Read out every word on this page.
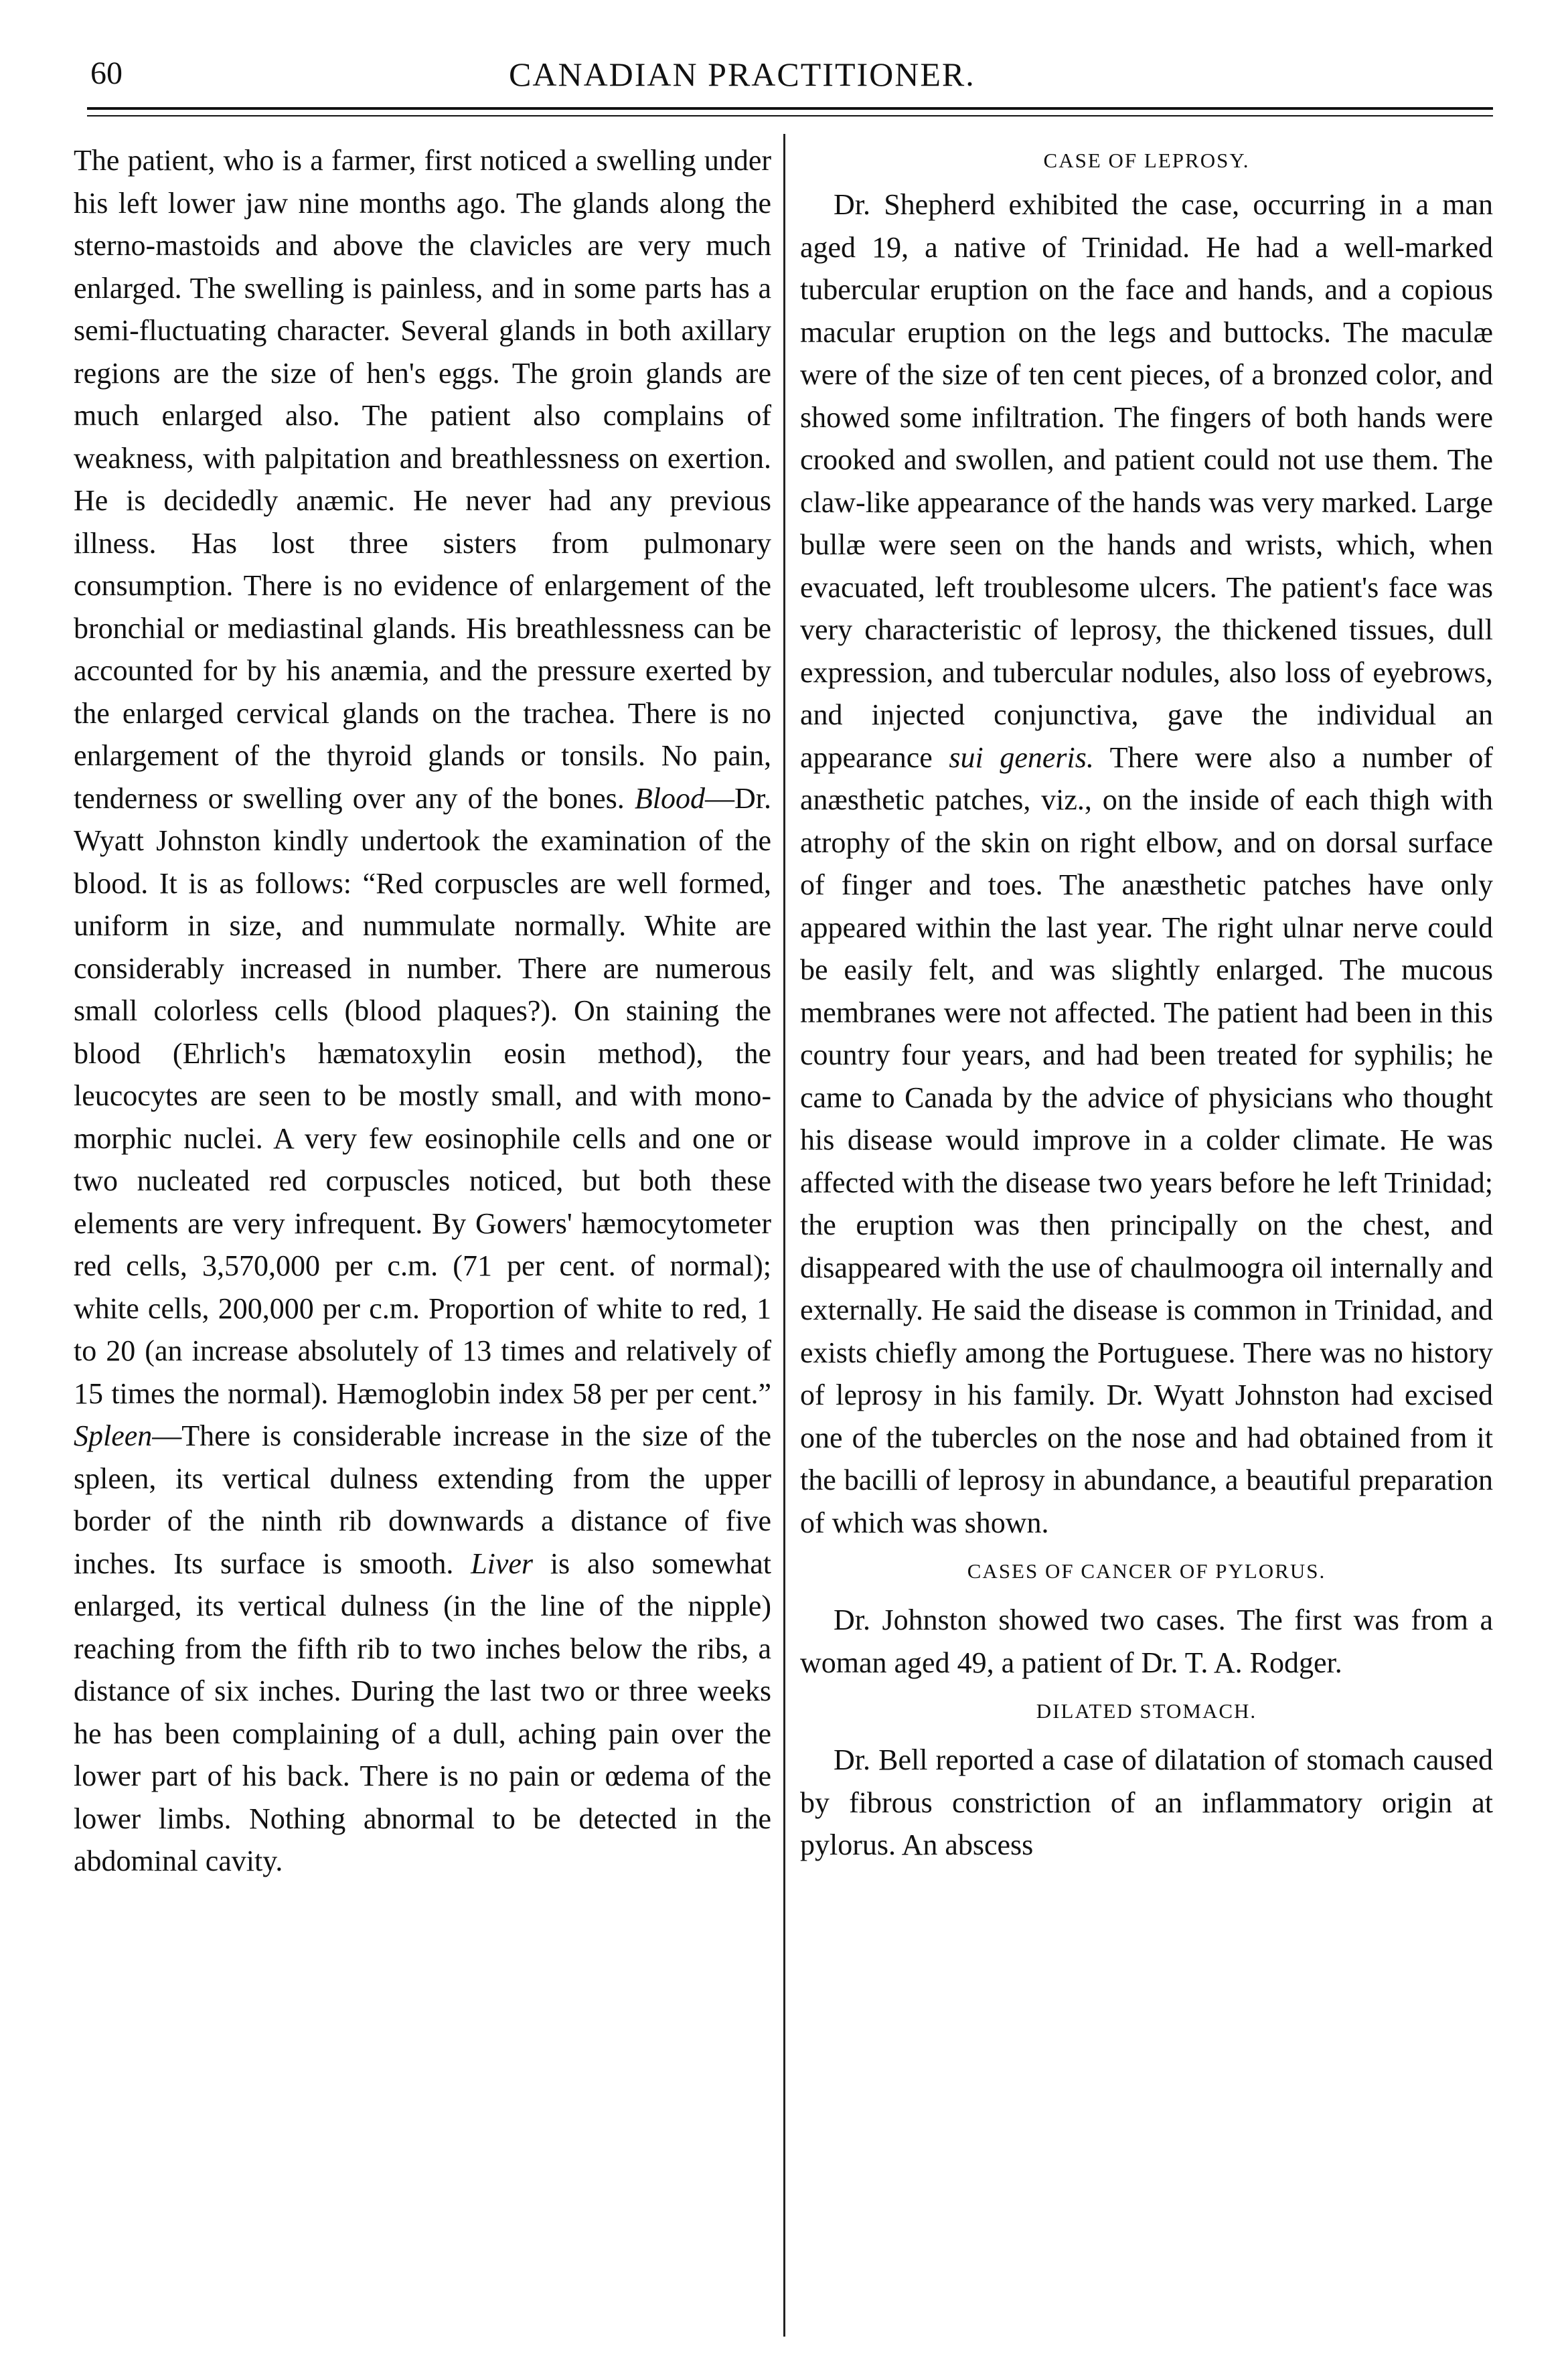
60	CANADIAN PRACTITIONER.

The patient, who is a farmer, first noticed a swelling under his left lower jaw nine months ago. The glands along the sterno-mastoids and above the clavicles are very much enlarged. The swelling is painless, and in some parts has a semi-fluctuating character. Several glands in both axillary regions are the size of hen's eggs. The groin glands are much enlarged also. The patient also complains of weakness, with palpitation and breathlessness on exertion. He is decidedly anæmic. He never had any previous illness. Has lost three sisters from pulmonary consumption. There is no evidence of enlargement of the bronchial or mediastinal glands. His breathlessness can be accounted for by his anæmia, and the pressure exerted by the enlarged cervical glands on the trachea. There is no enlargement of the thyroid glands or tonsils. No pain, tenderness or swelling over any of the bones. Blood—Dr. Wyatt Johnston kindly undertook the examination of the blood. It is as follows: “Red corpuscles are well formed, uniform in size, and nummulate normally. White are considerably increased in number. There are numerous small colorless cells (blood plaques?). On staining the blood (Ehrlich's hæmatoxylin eosin method), the leucocytes are seen to be mostly small, and with mono-morphic nuclei. A very few eosinophile cells and one or two nucleated red corpuscles noticed, but both these elements are very infrequent. By Gowers' hæmocytometer red cells, 3,570,000 per c.m. (71 per cent. of normal); white cells, 200,000 per c.m. Proportion of white to red, 1 to 20 (an increase absolutely of 13 times and relatively of 15 times the normal). Hæmoglobin index 58 per per cent.” Spleen—There is considerable increase in the size of the spleen, its vertical dulness extending from the upper border of the ninth rib downwards a distance of five inches. Its surface is smooth. Liver is also somewhat enlarged, its vertical dulness (in the line of the nipple) reaching from the fifth rib to two inches below the ribs, a distance of six inches. During the last two or three weeks he has been complaining of a dull, aching pain over the lower part of his back. There is no pain or œdema of the lower limbs. Nothing abnormal to be detected in the abdominal cavity.

CASE OF LEPROSY.

Dr. Shepherd exhibited the case, occurring in a man aged 19, a native of Trinidad. He had a well-marked tubercular eruption on the face and hands, and a copious macular eruption on the legs and buttocks. The maculæ were of the size of ten cent pieces, of a bronzed color, and showed some infiltration. The fingers of both hands were crooked and swollen, and patient could not use them. The claw-like appearance of the hands was very marked. Large bullæ were seen on the hands and wrists, which, when evacuated, left troublesome ulcers. The patient's face was very characteristic of leprosy, the thickened tissues, dull expression, and tubercular nodules, also loss of eyebrows, and injected conjunctiva, gave the individual an appearance sui generis. There were also a number of anæsthetic patches, viz., on the inside of each thigh with atrophy of the skin on right elbow, and on dorsal surface of finger and toes. The anæsthetic patches have only appeared within the last year. The right ulnar nerve could be easily felt, and was slightly enlarged. The mucous membranes were not affected. The patient had been in this country four years, and had been treated for syphilis; he came to Canada by the advice of physicians who thought his disease would improve in a colder climate. He was affected with the disease two years before he left Trinidad; the eruption was then principally on the chest, and disappeared with the use of chaulmoogra oil internally and externally. He said the disease is common in Trinidad, and exists chiefly among the Portuguese. There was no history of leprosy in his family. Dr. Wyatt Johnston had excised one of the tubercles on the nose and had obtained from it the bacilli of leprosy in abundance, a beautiful preparation of which was shown.

CASES OF CANCER OF PYLORUS.

Dr. Johnston showed two cases. The first was from a woman aged 49, a patient of Dr. T. A. Rodger.

DILATED STOMACH.

Dr. Bell reported a case of dilatation of stomach caused by fibrous constriction of an inflammatory origin at pylorus. An abscess
